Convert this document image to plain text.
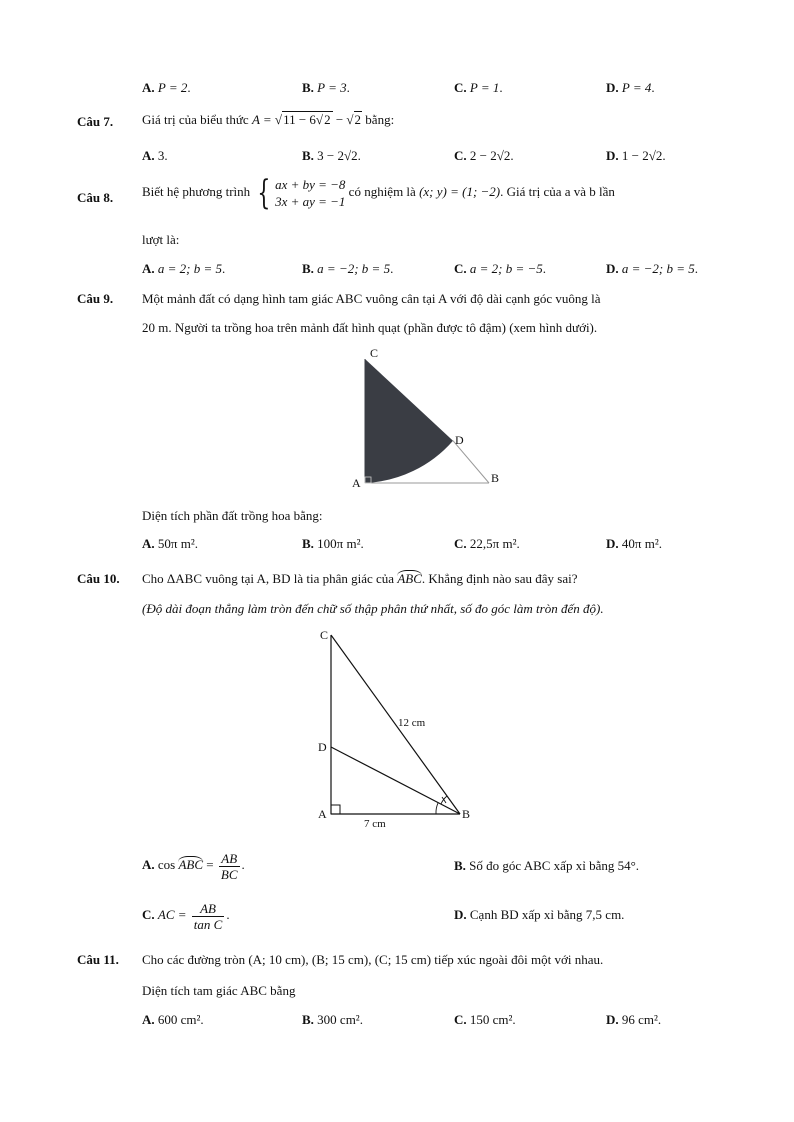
A. P = 2.	B. P = 3.	C. P = 1.	D. P = 4.
Câu 7. Giá trị của biểu thức A = √11 − 6√2 − √2 bằng:
A. 3.	B. 3 − 2√2.	C. 2 − 2√2.	D. 1 − 2√2.
Câu 8. Biết hệ phương trình { ax + by = −8
3x + ay = −1
có nghiệm là (x; y) = (1; −2). Giá trị của a và b lần
lượt là:
A. a = 2; b = 5.	B. a = −2; b = 5.	C. a = 2; b = −5.	D. a = −2; b = 5.
Câu 9. Một mảnh đất có dạng hình tam giác ABC vuông cân tại A với độ dài cạnh góc vuông là
20 m. Người ta trồng hoa trên mảnh đất hình quạt (phần được tô đậm) (xem hình dưới).
C
D
A	B
Diện tích phần đất trồng hoa bằng:
A. 50π m².	B. 100π m².	C. 22,5π m².	D. 40π m².
Câu 10. Cho ΔABC vuông tại A, BD là tia phân giác của ABC. Khẳng định nào sau đây sai?
(Độ dài đoạn thẳng làm tròn đến chữ số thập phân thứ nhất, số đo góc làm tròn đến độ).
C
D
A	B
12 cm
7 cm
A. cos ABC = $\frac{AB}{BC}$ .	B. Số đo góc ABC xấp xỉ bằng 54°.
C. AC = $\frac{AB}{\text{tan C}}$ .	D. Cạnh BD xấp xỉ bằng 7,5 cm.
Câu 11. Cho các đường tròn (A; 10 cm), (B; 15 cm), (C; 15 cm) tiếp xúc ngoài đôi một với nhau.
Diện tích tam giác ABC bằng
A. 600 cm².	B. 300 cm².	C. 150 cm².	D. 96 cm².
